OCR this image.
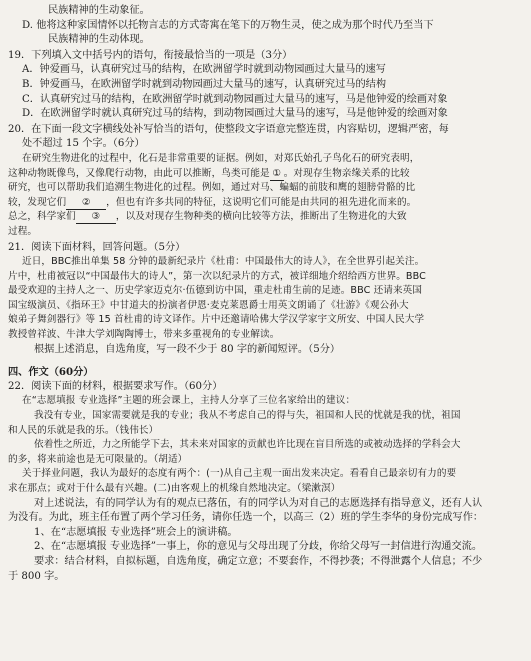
民族精神的生动象征。
D. 他将这种家国情怀以托物言志的方式寄寓在笔下的万物生灵，使之成为那个时代乃至当下
民族精神的生动体现。
19．下列填入文中括号内的语句，衔接最恰当的一项是（3分）
A．钟爱画马，认真研究过马的结构，在欧洲留学时就到动物园画过大量马的速写
B．钟爱画马，在欧洲留学时就到动物园画过大量马的速写，认真研究过马的结构
C．认真研究过马的结构，在欧洲留学时就到动物园画过大量马的速写，马是他钟爱的绘画对象
D．在欧洲留学时就认真研究过马的结构，到动物园画过大量马的速写，马是他钟爱的绘画对象
20．在下面一段文字横线处补写恰当的语句，使整段文字语意完整连贯，内容贴切，逻辑严密，每
处不超过 15 个字。（6分）
在研究生物进化的过程中，化石是非常重要的证据。例如，对郑氏始孔子鸟化石的研究表明，
这种动物既像鸟，又像爬行动物，由此可以推断，鸟类可能是 ① 。对现存生物亲缘关系的比较
研究，也可以帮助我们追溯生物进化的过程。例如，通过对马、蝙蝠的前肢和鹰的翅膀骨骼的比
较，发现它们 ② ，但也有许多共同的特征，这说明它们可能是由共同的祖先进化而来的。
总之，科学家们 ③ ，以及对现存生物种类的横向比较等方法，推断出了生物进化的大致
过程。
21．阅读下面材料，回答问题。（5分）
近日，BBC推出单集 58 分钟的最新纪录片《杜甫：中国最伟大的诗人》，在全世界引起关注。
片中，杜甫被冠以“中国最伟大的诗人”，第一次以纪录片的方式，被详细地介绍给西方世界。BBC
最受欢迎的主持人之一、历史学家迈克尔·伍德到访中国，重走杜甫生前的足迹。BBC 还请来英国
国宝级演员、《指环王》中甘道夫的扮演者伊恩·麦克莱恩爵士用英文朗诵了《壮游》《观公孙大
娘弟子舞剑器行》等 15 首杜甫的诗文译作。片中还邀请哈佛大学汉学家宇文所安、中国人民大学
教授曾祥波、牛津大学刘陶陶博士，带来多重视角的专业解读。
根据上述消息，自选角度，写一段不少于 80 字的新闻短评。（5分）
四、作文（60分）
22．阅读下面的材料，根据要求写作。（60分）
在“志愿填报 专业选择”主题的班会课上，主持人分享了三位名家给出的建议：
我没有专业，国家需要就是我的专业；我从不考虑自己的得与失，祖国和人民的忧就是我的忧，祖国
和人民的乐就是我的乐。（钱伟长）
依着性之所近，力之所能学下去，其未来对国家的贡献也许比现在盲目所选的或被动选择的学科会大
的多，将来前途也是无可限量的。（胡适）
关于择业问题，我认为最好的态度有两个：(一)从自己主观一面出发来决定。看看自己最亲切有力的要
求在那点；或对于什么最有兴趣。(二)由客观上的机缘自然地决定。（梁漱溟）
对上述说法，有的同学认为有的观点已落伍，有的同学认为对自己的志愿选择有指导意义，还有人认
为没有。为此，班主任布置了两个学习任务，请你任选一个，以高三（2）班的学生李华的身份完成写作：
1、在“志愿填报 专业选择”班会上的演讲稿。
2、在“志愿填报 专业选择”一事上，你的意见与父母出现了分歧，你给父母写一封信进行沟通交流。
要求：结合材料，自拟标题，自选角度，确定立意；不要套作，不得抄袭；不得泄露个人信息；不少
于 800 字。
